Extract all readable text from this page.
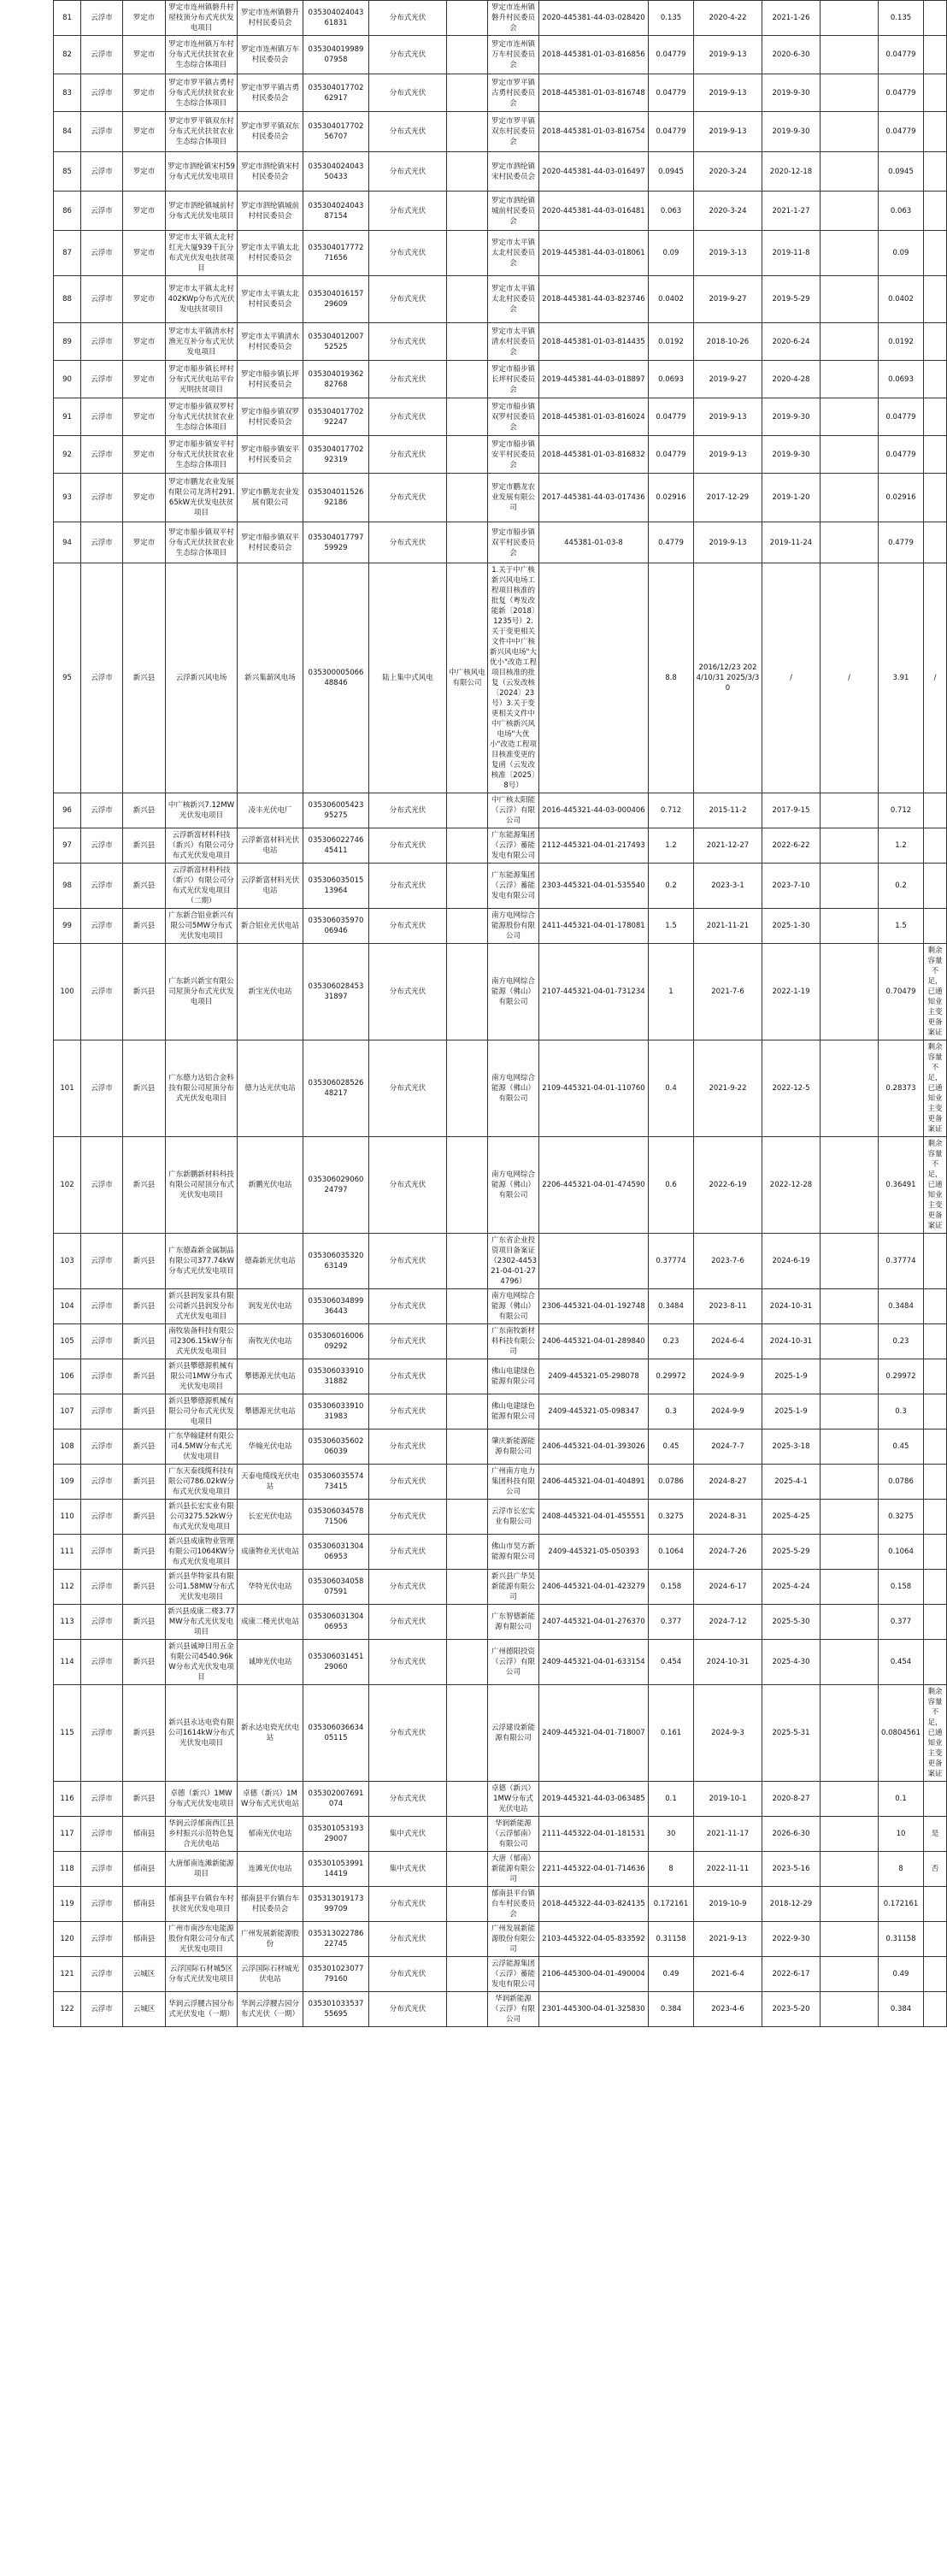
81	云浮市	罗定市	罗定市连州镇磐升村屋枝顶分布式光伏发电项目	罗定市连州镇磐升村村民委员会	035304024043 61831	分布式光伏		罗定市连州镇磐升村民委员会	2020-445381-44-03-028420	0.135	2020-4-22	2021-1-26		0.135	
82	云浮市	罗定市	罗定市连州镇万车村分布式光伏扶贫农业生态综合体项目	罗定市连州镇万车村民委员会	035304019989 07958	分布式光伏		罗定市连州镇万车村民委员会	2018-445381-01-03-816856	0.04779	2019-9-13	2020-6-30		0.04779	
83	云浮市	罗定市	罗定市罗平镇古勇村分布式光伏扶贫农业生态综合体项目	罗定市罗平镇古勇村民委员会	035304017702 62917	分布式光伏		罗定市罗平镇古勇村民委员会	2018-445381-01-03-816748	0.04779	2019-9-13	2019-9-30		0.04779	
84	云浮市	罗定市	罗定市罗平镇双东村分布式光伏扶贫农业生态综合体项目	罗定市罗平镇双东村民委员会	035304017702 56707	分布式光伏		罗定市罗平镇双东村民委员会	2018-445381-01-03-816754	0.04779	2019-9-13	2019-9-30		0.04779	
85	云浮市	罗定市	罗定市泗纶镇宋村59分布式光伏发电项目	罗定市泗纶镇宋村村民委员会	035304024043 50433	分布式光伏		罗定市泗纶镇宋村民委员会	2020-445381-44-03-016497	0.0945	2020-3-24	2020-12-18		0.0945	
86	云浮市	罗定市	罗定市泗纶镇城前村分布式光伏发电项目	罗定市泗纶镇城前村村民委员会	035304024043 87154	分布式光伏		罗定市泗纶镇城前村民委员会	2020-445381-44-03-016481	0.063	2020-3-24	2021-1-27		0.063	
87	云浮市	罗定市	罗定市太平镇太北村红光大厦939千瓦分布式光伏发电扶贫项目	罗定市太平镇太北村村民委员会	035304017772 71656	分布式光伏		罗定市太平镇太北村民委员会	2019-445381-44-03-018061	0.09	2019-3-13	2019-11-8		0.09	
88	云浮市	罗定市	罗定市太平镇太北村402KWp分布式光伏发电扶贫项目	罗定市太平镇太北村村民委员会	035304016157 29609	分布式光伏		罗定市太平镇太北村民委员会	2018-445381-44-03-823746	0.0402	2019-9-27	2019-5-29		0.0402	
89	云浮市	罗定市	罗定市太平镇清水村渔光互补分布式光伏发电项目	罗定市太平镇清水村村民委员会	035304012007 52525	分布式光伏		罗定市太平镇清水村民委员会	2018-445381-01-03-814435	0.0192	2018-10-26	2020-6-24		0.0192	
90	云浮市	罗定市	罗定市船步镇长坪村分布式光伏电站平台光明扶贫项目	罗定市船步镇长坪村村民委员会	035304019362 82768	分布式光伏		罗定市船步镇长坪村民委员会	2019-445381-44-03-018897	0.0693	2019-9-27	2020-4-28		0.0693	
91	云浮市	罗定市	罗定市船步镇双罗村分布式光伏扶贫农业生态综合体项目	罗定市船步镇双罗村村民委员会	035304017702 92247	分布式光伏		罗定市船步镇双罗村民委员会	2018-445381-01-03-816024	0.04779	2019-9-13	2019-9-30		0.04779	
92	云浮市	罗定市	罗定市船步镇安平村分布式光伏扶贫农业生态综合体项目	罗定市船步镇安平村村民委员会	035304017702 92319	分布式光伏		罗定市船步镇安平村民委员会	2018-445381-01-03-816832	0.04779	2019-9-13	2019-9-30		0.04779	
93	云浮市	罗定市	罗定市鹏龙农业发展有限公司龙湾村291.65kW光伏发电扶贫项目	罗定市鹏龙农业发展有限公司	035304011526 92186	分布式光伏		罗定市鹏龙农业发展有限公司	2017-445381-44-03-017436	0.02916	2017-12-29	2019-1-20		0.02916	
94	云浮市	罗定市	罗定市船步镇双平村分布式光伏扶贫农业生态综合体项目	罗定市船步镇双平村村民委员会	035304017797 59929	分布式光伏		罗定市船步镇双平村民委员会	445381-01-03-8	0.4779	2019-9-13	2019-11-24		0.4779	
95	云浮市	新兴县	云浮新兴风电场	新兴集薪风电场	035300005066 48846	陆上集中式风电	中广核风电有限公司	1.关于中广核新兴风电场工程项目核准的批复（粤发改能新〔2018〕1235号）2.关于变更相关文件中中广核新兴风电场"大优小"改造工程项目核准的批复（云发改核〔2024〕23号）3.关于变更相关文件中中广核新兴风电场"大优小"改造工程项目核准变更的复函（云发改核准〔2025〕8号）		8.8	2016/12/23 2024/10/31 2025/3/30	/	/	3.91	/
96	云浮市	新兴县	中广核新兴7.12MW光伏发电项目	凌丰光伏电厂	035306005423 95275	分布式光伏		中广核太阳能（云浮）有限公司	2016-445321-44-03-000406	0.712	2015-11-2	2017-9-15		0.712	
97	云浮市	新兴县	云浮新富材料科技（新兴）有限公司分布式光伏发电项目	云浮新富材料光伏电站	035306022746 45411	分布式光伏		广东能源集团（云浮）蓄能发电有限公司	2112-445321-04-01-217493	1.2	2021-12-27	2022-6-22		1.2	
98	云浮市	新兴县	云浮新富材料科技（新兴）有限公司分布式光伏发电项目（二期）	云浮新富材料光伏电站	035306035015 13964	分布式光伏		广东能源集团（云浮）蓄能发电有限公司	2303-445321-04-01-535540	0.2	2023-3-1	2023-7-10		0.2	
99	云浮市	新兴县	广东新合铝业新兴有限公司5MW分布式光伏发电项目	新合铝业光伏电站	035306035970 06946	分布式光伏		南方电网综合能源股份有限公司	2411-445321-04-01-178081	1.5	2021-11-21	2025-1-30		1.5	
100	云浮市	新兴县	广东新兴新宝有限公司屋顶分布式光伏发电项目	新宝光伏电站	035306028453 31897	分布式光伏		南方电网综合能源（佛山）有限公司	2107-445321-04-01-731234	1	2021-7-6	2022-1-19		0.70479	剩余容量不足，已通知业主变更备案证
101	云浮市	新兴县	广东德力达铝合金科技有限公司屋顶分布式光伏发电项目	德力达光伏电站	035306028526 48217	分布式光伏		南方电网综合能源（佛山）有限公司	2109-445321-04-01-110760	0.4	2021-9-22	2022-12-5		0.28373	剩余容量不足，已通知业主变更备案证
102	云浮市	新兴县	广东新鹏新材料科技有限公司屋顶分布式光伏发电项目	新鹏光伏电站	035306029060 24797	分布式光伏		南方电网综合能源（佛山）有限公司	2206-445321-04-01-474590	0.6	2022-6-19	2022-12-28		0.36491	剩余容量不足，已通知业主变更备案证
103	云浮市	新兴县	广东德森新金属制品有限公司377.74kW分布式光伏发电项目	德森新光伏电站	035306035320 63149	分布式光伏		广东省企业投资项目备案证（2302-445321-04-01-274796）		0.37774	2023-7-6	2024-6-19		0.37774	
104	云浮市	新兴县	新兴县润发家具有限公司新兴县润发分布式光伏发电项目	润发光伏电站	035306034899 36443	分布式光伏		南方电网综合能源（佛山）有限公司	2306-445321-04-01-192748	0.3484	2023-8-11	2024-10-31		0.3484	
105	云浮市	新兴县	南牧装备科技有限公司2306.15kW分布式光伏发电项目	南牧光伏电站	035306016006 09292	分布式光伏		广东南牧新材料科技有限公司	2406-445321-04-01-289840	0.23	2024-6-4	2024-10-31		0.23	
106	云浮市	新兴县	新兴县攀德源机械有限公司1MW分布式光伏发电项目	攀德源光伏电站	035306033910 31882	分布式光伏		佛山电建绿色能源有限公司	2409-445321-05-298078	0.29972	2024-9-9	2025-1-9		0.29972	
107	云浮市	新兴县	新兴县攀德源机械有限公司分布式光伏发电项目	攀德源光伏电站	035306033910 31983	分布式光伏		佛山电建绿色能源有限公司	2409-445321-05-098347	0.3	2024-9-9	2025-1-9		0.3	
108	云浮市	新兴县	广东华翰建材有限公司4.5MW分布式光伏发电项目	华翰光伏电站	035306035602 06039	分布式光伏		肇庆新能源能源有限公司	2406-445321-04-01-393026	0.45	2024-7-7	2025-3-18		0.45	
109	云浮市	新兴县	广东天泰线缆科技有限公司786.02kW分布式光伏发电项目	天泰电缆线光伏电站	035306035574 73415	分布式光伏		广州南方电力集团科技有限公司	2406-445321-04-01-404891	0.0786	2024-8-27	2025-4-1		0.0786	
110	云浮市	新兴县	新兴县长宏实业有限公司3275.52kW分布式光伏发电项目	长宏光伏电站	035306034578 71506	分布式光伏		云浮市长宏实业有限公司	2408-445321-04-01-455551	0.3275	2024-8-31	2025-4-25		0.3275	
111	云浮市	新兴县	新兴县成康物业管理有限公司1064KW分布式光伏发电项目	成康物业光伏电站	035306031304 06953	分布式光伏		佛山市昊方新能源有限公司	2409-445321-05-050393	0.1064	2024-7-26	2025-5-29		0.1064	
112	云浮市	新兴县	新兴县华特家具有限公司1.58MW分布式光伏发电项目	华特光伏电站	035306034058 07591	分布式光伏		新兴县广华昊新能源有限公司	2406-445321-04-01-423279	0.158	2024-6-17	2025-4-24		0.158	
113	云浮市	新兴县	新兴县成康二楼3.77MW分布式光伏发电项目	成康二楼光伏电站	035306031304 06953	分布式光伏		广东智德新能源有限公司	2407-445321-04-01-276370	0.377	2024-7-12	2025-5-30		0.377	
114	云浮市	新兴县	新兴县诚坤日用五金有限公司4540.96kW分布式光伏发电项目	诚坤光伏电站	035306031451 29060	分布式光伏		广州德阳投资（云浮）有限公司	2409-445321-04-01-633154	0.454	2024-10-31	2025-4-30		0.454	
115	云浮市	新兴县	新兴县永达电瓷有限公司1614kW分布式光伏发电项目	新永达电瓷光伏电站	035306036634 05115	分布式光伏		云浮建设新能源有限公司	2409-445321-04-01-718007	0.161	2024-9-3	2025-5-31		0.0804561	剩余容量不足，已通知业主变更备案证
116	云浮市	新兴县	卓德（新兴）1MW分布式光伏发电项目	卓德（新兴）1MW分布式光伏电站	035302007691 074	分布式光伏		卓德（新兴）1MW分布式光伏电站	2019-445321-44-03-063485	0.1	2019-10-1	2020-8-27		0.1	
117	云浮市	郁南县	华润云浮郁南西江县乡村振兴示范特色复合光伏电站	郁南光伏电站	035301053193 29007	集中式光伏		华润新能源（云浮郁南）有限公司	2111-445322-04-01-181531	30	2021-11-17	2026-6-30		10	是
118	云浮市	郁南县	大唐郁南连滩新能源项目	连滩光伏电站	035301053991 14419	集中式光伏		大唐（郁南）新能源有限公司	2211-445322-04-01-714636	8	2022-11-11	2023-5-16		8	否
119	云浮市	郁南县	郁南县平台镇台车村扶贫光伏发电项目	郁南县平台镇台车村民委员会	035313019173 99709	分布式光伏		郁南县平台镇台车村民委员会	2018-445322-44-03-824135	0.172161	2019-10-9	2018-12-29		0.172161	
120	云浮市	郁南县	广州市南沙东电能源股份有限公司分布式光伏发电项目	广州发展新能源股份	035313022786 22745	分布式光伏		广州发展新能源股份有限公司	2103-445322-04-05-833592	0.31158	2021-9-13	2022-9-30		0.31158	
121	云浮市	云城区	云浮国际石材城5区分布式光伏发电项目	云浮国际石材城光伏电站	035301023077 79160	分布式光伏		云浮能源集团（云浮）蓄能发电有限公司	2106-445300-04-01-490004	0.49	2021-6-4	2022-6-17		0.49	
122	云浮市	云城区	华润云浮腰古园分布式光伏发电（一期）	华润云浮腰古园分布式光伏（一期）	035301033537 55695	分布式光伏		华润新能源（云浮）有限公司	2301-445300-04-01-325830	0.384	2023-4-6	2023-5-20		0.384	
